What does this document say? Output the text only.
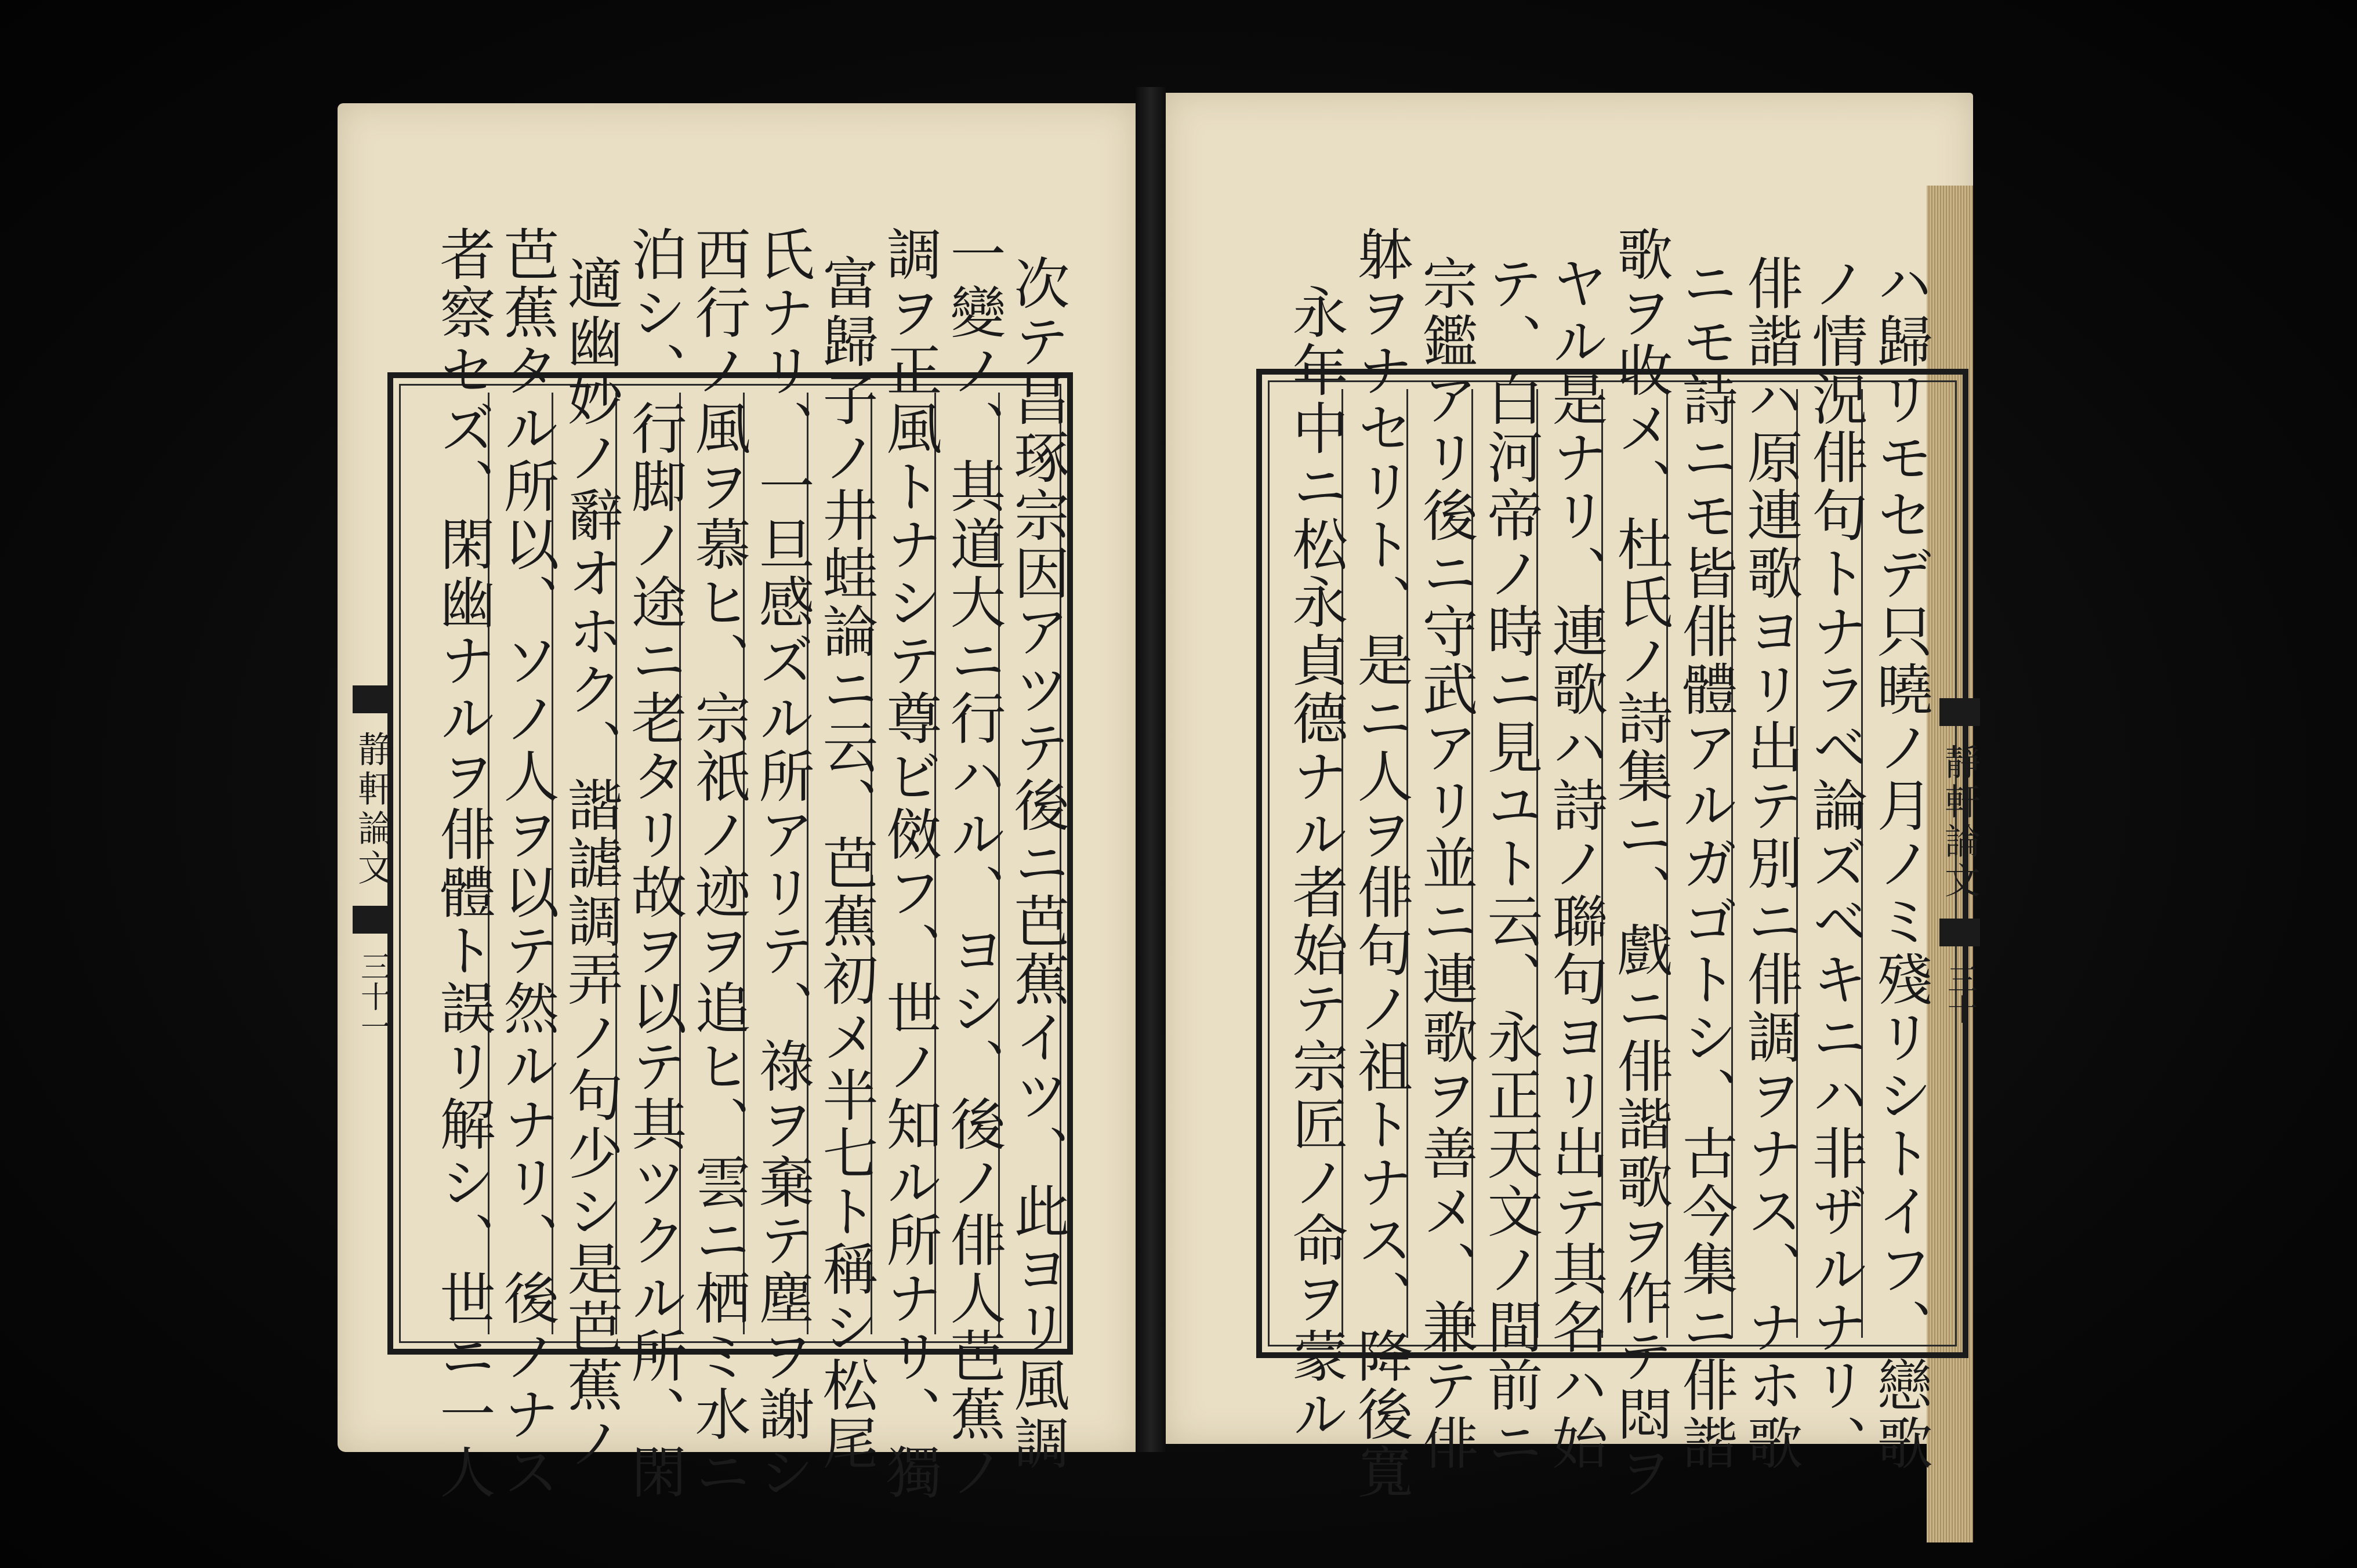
次テ昌琢宗因アツテ後ニ芭蕉イツ、此ヨリ風調
一變ノ、其道大ニ行ハル、ヨシ、後ノ俳人芭蕉ノ
調ヲ正風トナシテ尊ビ傚フ、世ノ知ル所ナリ、獨
富歸子ノ井蛙論ニ云、芭蕉初メ半七ト稱シ松尾
氏ナリ、一旦感ズル所アリテ、祿ヲ棄テ塵ヲ謝シ
西行ノ風ヲ慕ヒ、宗祇ノ迹ヲ追ヒ、雲ニ栖ミ水ニ
泊シ、行脚ノ途ニ老タリ故ヲ以テ其ツクル所、閑
適幽妙ノ辭オホク、諧謔調弄ノ句少シ是芭蕉ノ
芭蕉タル所以、ソノ人ヲ以テ然ルナリ、後ノナス
者察セズ、閑幽ナルヲ俳體ト誤リ解シ、世ニ一人
静軒論文
三十一	ハ歸リモセデ只曉ノ月ノミ殘リシトイフ、戀歌
ノ情況俳句トナラベ論ズベキニハ非ザルナリ、
俳諧ハ原連歌ヨリ出テ別ニ俳調ヲナス、ナホ歌
ニモ詩ニモ皆俳體アルガゴトシ、古今集ニ俳諧
歌ヲ收メ、杜氏ノ詩集ニ、戲ニ俳諧歌ヲ作テ悶ヲ
ヤル是ナリ、連歌ハ詩ノ聯句ヨリ出テ其名ハ始
テ、白河帝ノ時ニ見ユト云、永正天文ノ間前ニ
宗鑑アリ後ニ守武アリ並ニ連歌ヲ善メ、兼テ俳
躰ヲナセリト、是ニ人ヲ俳句ノ祖トナス、降後寬
永年中ニ松永貞德ナル者始テ宗匠ノ命ヲ蒙ル	靜軒論文
三十
